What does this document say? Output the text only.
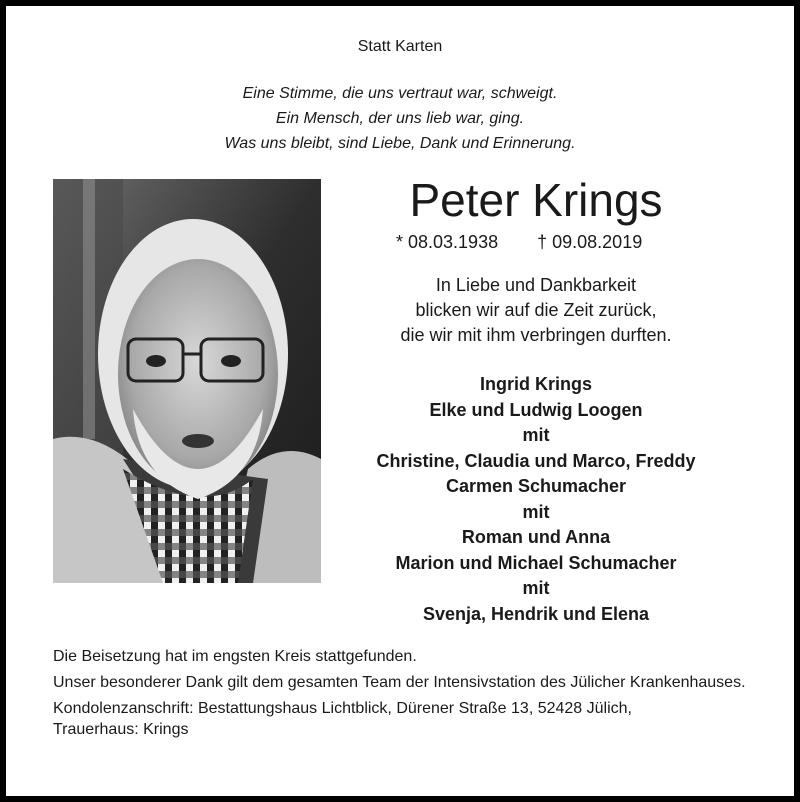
Statt Karten
Eine Stimme, die uns vertraut war, schweigt.
Ein Mensch, der uns lieb war, ging.
Was uns bleibt, sind Liebe, Dank und Erinnerung.
Peter Krings
* 08.03.1938 † 09.08.2019
In Liebe und Dankbarkeit
blicken wir auf die Zeit zurück,
die wir mit ihm verbringen durften.
Ingrid Krings
Elke und Ludwig Loogen
mit
Christine, Claudia und Marco, Freddy
Carmen Schumacher
mit
Roman und Anna
Marion und Michael Schumacher
mit
Svenja, Hendrik und Elena

Die Beisetzung hat im engsten Kreis stattgefunden.

Unser besonderer Dank gilt dem gesamten Team der Intensivstation des Jülicher Krankenhauses.

Kondolenzanschrift: Bestattungshaus Lichtblick, Dürener Straße 13, 52428 Jülich,
Trauerhaus: Krings
